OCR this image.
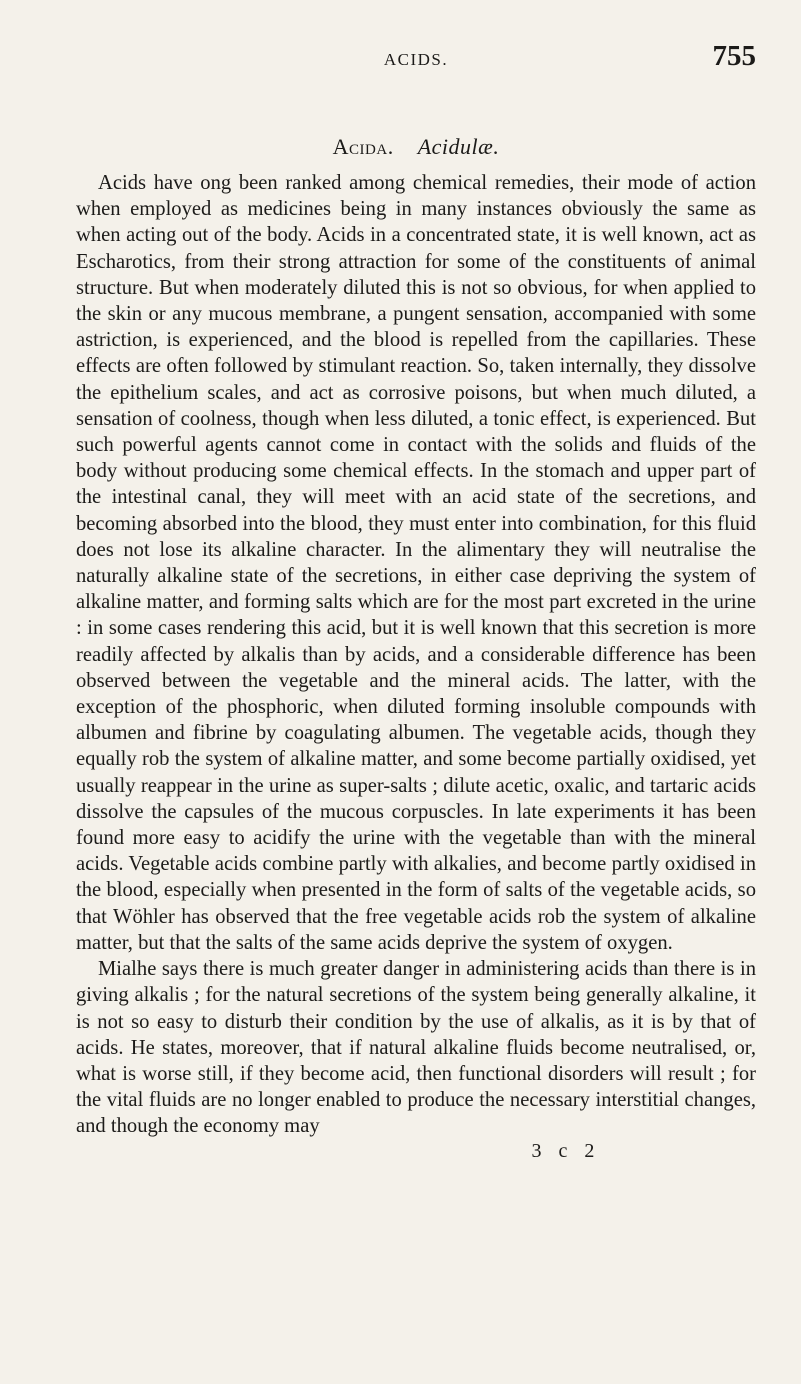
ACIDS.	755
Acida. Acidulæ.

Acids have ong been ranked among chemical remedies, their mode of action when employed as medicines being in many instances obviously the same as when acting out of the body. Acids in a concentrated state, it is well known, act as Escharotics, from their strong attraction for some of the constituents of animal structure. But when moderately diluted this is not so obvious, for when applied to the skin or any mucous membrane, a pungent sensation, accompanied with some astriction, is experienced, and the blood is repelled from the capillaries. These effects are often followed by stimulant reaction. So, taken internally, they dissolve the epithelium scales, and act as corrosive poisons, but when much diluted, a sensation of coolness, though when less diluted, a tonic effect, is experienced. But such powerful agents cannot come in contact with the solids and fluids of the body without producing some chemical effects. In the stomach and upper part of the intestinal canal, they will meet with an acid state of the secretions, and becoming absorbed into the blood, they must enter into combination, for this fluid does not lose its alkaline character. In the alimentary they will neutralise the naturally alkaline state of the secretions, in either case depriving the system of alkaline matter, and forming salts which are for the most part excreted in the urine : in some cases rendering this acid, but it is well known that this secretion is more readily affected by alkalis than by acids, and a considerable difference has been observed between the vegetable and the mineral acids. The latter, with the exception of the phosphoric, when diluted forming insoluble compounds with albumen and fibrine by coagulating albumen. The vegetable acids, though they equally rob the system of alkaline matter, and some become partially oxidised, yet usually reappear in the urine as super-salts ; dilute acetic, oxalic, and tartaric acids dissolve the capsules of the mucous corpuscles. In late experiments it has been found more easy to acidify the urine with the vegetable than with the mineral acids. Vegetable acids combine partly with alkalies, and become partly oxidised in the blood, especially when presented in the form of salts of the vegetable acids, so that Wöhler has observed that the free vegetable acids rob the system of alkaline matter, but that the salts of the same acids deprive the system of oxygen.

Mialhe says there is much greater danger in administering acids than there is in giving alkalis ; for the natural secretions of the system being generally alkaline, it is not so easy to disturb their condition by the use of alkalis, as it is by that of acids. He states, moreover, that if natural alkaline fluids become neutralised, or, what is worse still, if they become acid, then functional disorders will result ; for the vital fluids are no longer enabled to produce the necessary interstitial changes, and though the economy may

3 c 2
